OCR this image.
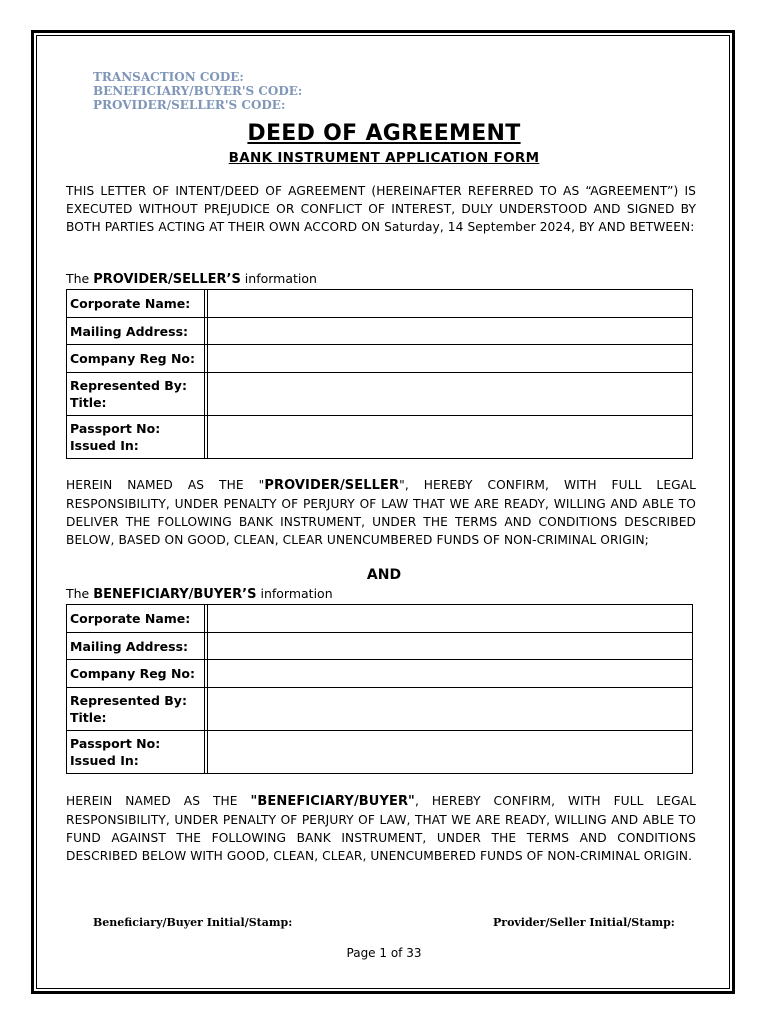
TRANSACTION CODE:
BENEFICIARY/BUYER'S CODE:
PROVIDER/SELLER'S CODE:
DEED OF AGREEMENT
BANK INSTRUMENT APPLICATION FORM
THIS LETTER OF INTENT/DEED OF AGREEMENT (HEREINAFTER REFERRED TO AS “AGREEMENT”) IS EXECUTED WITHOUT PREJUDICE OR CONFLICT OF INTEREST, DULY UNDERSTOOD AND SIGNED BY BOTH PARTIES ACTING AT THEIR OWN ACCORD ON Saturday, 14 September 2024, BY AND BETWEEN:
The PROVIDER/SELLER’S information
Corporate Name:		

Mailing Address:		

Company Reg No:		

Represented By:
Title:		

Passport No:
Issued In:		

HEREIN NAMED AS THE "PROVIDER/SELLER", HEREBY CONFIRM, WITH FULL LEGAL RESPONSIBILITY, UNDER PENALTY OF PERJURY OF LAW THAT WE ARE READY, WILLING AND ABLE TO DELIVER THE FOLLOWING BANK INSTRUMENT, UNDER THE TERMS AND CONDITIONS DESCRIBED BELOW, BASED ON GOOD, CLEAN, CLEAR UNENCUMBERED FUNDS OF NON-CRIMINAL ORIGIN;
AND
The BENEFICIARY/BUYER’S information
Corporate Name:		

Mailing Address:		

Company Reg No:		

Represented By:
Title:		

Passport No:
Issued In:		

HEREIN NAMED AS THE "BENEFICIARY/BUYER", HEREBY CONFIRM, WITH FULL LEGAL RESPONSIBILITY, UNDER PENALTY OF PERJURY OF LAW, THAT WE ARE READY, WILLING AND ABLE TO FUND AGAINST THE FOLLOWING BANK INSTRUMENT, UNDER THE TERMS AND CONDITIONS DESCRIBED BELOW WITH GOOD, CLEAN, CLEAR, UNENCUMBERED FUNDS OF NON-CRIMINAL ORIGIN.
Beneficiary/Buyer Initial/Stamp:	Provider/Seller Initial/Stamp:
Page 1 of 33
